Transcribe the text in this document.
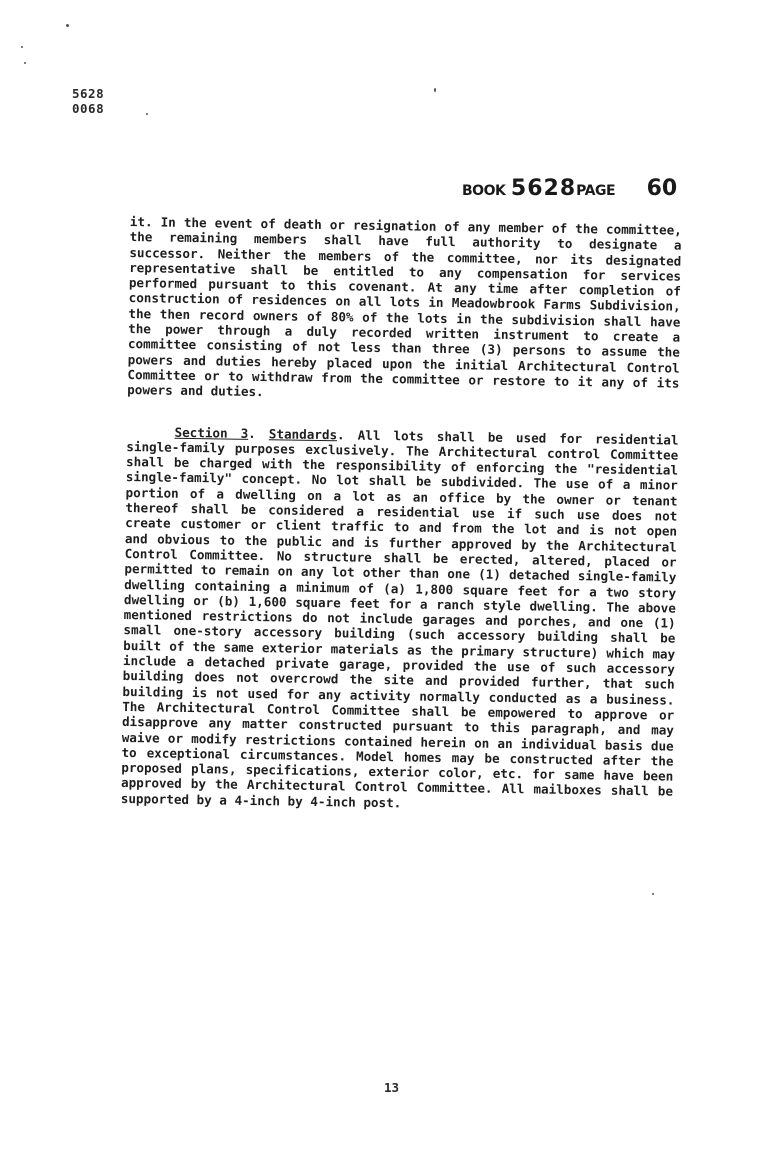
5628
0068
BOOK 5628PAGE 60

it. In the event of death or resignation of any member of the committee, the remaining members shall have full authority to designate a successor. Neither the members of the committee, nor its designated representative shall be entitled to any compensation for services performed pursuant to this covenant. At any time after completion of construction of residences on all lots in Meadowbrook Farms Subdivision, the then record owners of 80% of the lots in the subdivision shall have the power through a duly recorded written instrument to create a committee consisting of not less than three (3) persons to assume the powers and duties hereby placed upon the initial Architectural Control Committee or to withdraw from the committee or restore to it any of its powers and duties.

Section 3. Standards. All lots shall be used for residential single-family purposes exclusively. The Architectural control Committee shall be charged with the responsibility of enforcing the "residential single-family" concept. No lot shall be subdivided. The use of a minor portion of a dwelling on a lot as an office by the owner or tenant thereof shall be considered a residential use if such use does not create customer or client traffic to and from the lot and is not open and obvious to the public and is further approved by the Architectural Control Committee. No structure shall be erected, altered, placed or permitted to remain on any lot other than one (1) detached single-family dwelling containing a minimum of (a) 1,800 square feet for a two story dwelling or (b) 1,600 square feet for a ranch style dwelling. The above mentioned restrictions do not include garages and porches, and one (1) small one-story accessory building (such accessory building shall be built of the same exterior materials as the primary structure) which may include a detached private garage, provided the use of such accessory building does not overcrowd the site and provided further, that such building is not used for any activity normally conducted as a business. The Architectural Control Committee shall be empowered to approve or disapprove any matter constructed pursuant to this paragraph, and may waive or modify restrictions contained herein on an individual basis due to exceptional circumstances. Model homes may be constructed after the proposed plans, specifications, exterior color, etc. for same have been approved by the Architectural Control Committee. All mailboxes shall be supported by a 4-inch by 4-inch post.

13
